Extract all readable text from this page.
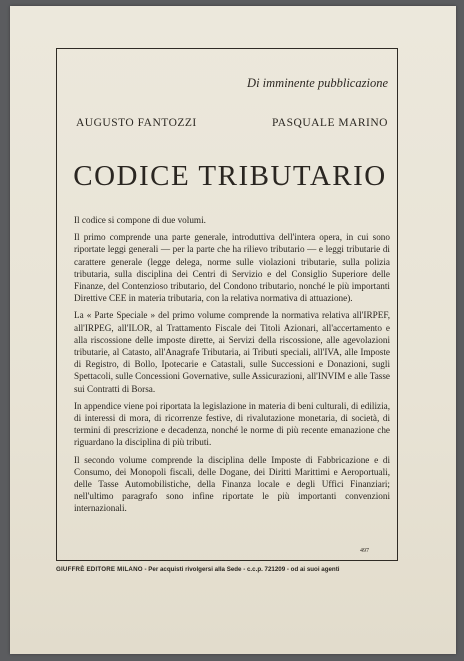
Di imminente pubblicazione
AUGUSTO FANTOZZI	PASQUALE MARINO
CODICE TRIBUTARIO

Il codice si compone di due volumi.

Il primo comprende una parte generale, introduttiva dell'intera opera, in cui sono riportate leggi generali — per la parte che ha rilievo tributario — e leggi tributarie di carattere generale (legge delega, norme sulle violazioni tributarie, sulla polizia tributaria, sulla disciplina dei Centri di Servizio e del Consiglio Superiore delle Finanze, del Contenzioso tributario, del Condono tributario, nonché le più importanti Direttive CEE in materia tributaria, con la relativa normativa di attuazione).

La « Parte Speciale » del primo volume comprende la normativa relativa all'IRPEF, all'IRPEG, all'ILOR, al Trattamento Fiscale dei Titoli Azionari, all'accertamento e alla riscossione delle imposte dirette, ai Servizi della riscossione, alle agevolazioni tributarie, al Catasto, all'Anagrafe Tributaria, ai Tributi speciali, all'IVA, alle Imposte di Registro, di Bollo, Ipotecarie e Catastali, sulle Successioni e Donazioni, sugli Spettacoli, sulle Concessioni Governative, sulle Assicurazioni, all'INVIM e alle Tasse sui Contratti di Borsa.

In appendice viene poi riportata la legislazione in materia di beni culturali, di edilizia, di interessi di mora, di ricorrenze festive, di rivalutazione monetaria, di società, di termini di prescrizione e decadenza, nonché le norme di più recente emanazione che riguardano la disciplina di più tributi.

Il secondo volume comprende la disciplina delle Imposte di Fabbricazione e di Consumo, dei Monopoli fiscali, delle Dogane, dei Diritti Marittimi e Aeroportuali, delle Tasse Automobilistiche, della Finanza locale e degli Uffici Finanziari; nell'ultimo paragrafo sono infine riportate le più importanti convenzioni internazionali.

497
GIUFFRÈ EDITORE MILANO - Per acquisti rivolgersi alla Sede - c.c.p. 721209 - od ai suoi agenti
